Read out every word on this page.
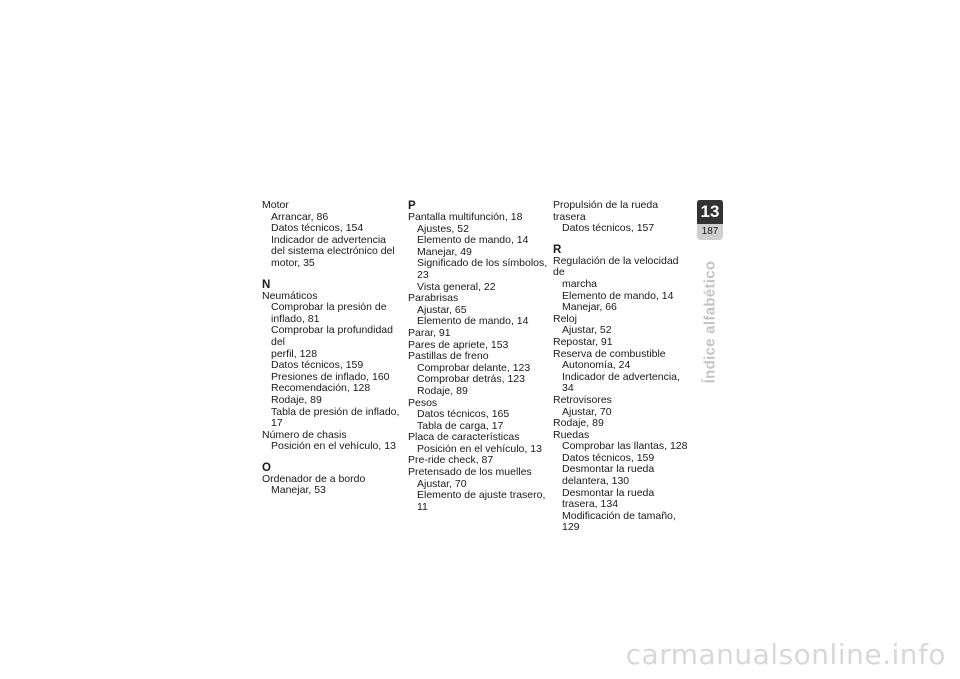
Motor
Arrancar, 86
Datos técnicos, 154
Indicador de advertencia
del sistema electrónico del
motor, 35
N
Neumáticos
Comprobar la presión de
inflado, 81
Comprobar la profundidad del
perfil, 128
Datos técnicos, 159
Presiones de inflado, 160
Recomendación, 128
Rodaje, 89
Tabla de presión de inflado, 17
Número de chasis
Posición en el vehículo, 13
O
Ordenador de a bordo
Manejar, 53
P
Pantalla multifunción, 18
Ajustes, 52
Elemento de mando, 14
Manejar, 49
Significado de los símbolos, 23
Vista general, 22
Parabrisas
Ajustar, 65
Elemento de mando, 14
Parar, 91
Pares de apriete, 153
Pastillas de freno
Comprobar delante, 123
Comprobar detrás, 123
Rodaje, 89
Pesos
Datos técnicos, 165
Tabla de carga, 17
Placa de características
Posición en el vehículo, 13
Pre-ride check, 87
Pretensado de los muelles
Ajustar, 70
Elemento de ajuste trasero, 11
Propulsión de la rueda trasera
Datos técnicos, 157
R
Regulación de la velocidad de
marcha
Elemento de mando, 14
Manejar, 66
Reloj
Ajustar, 52
Repostar, 91
Reserva de combustible
Autonomía, 24
Indicador de advertencia, 34
Retrovisores
Ajustar, 70
Rodaje, 89
Ruedas
Comprobar las llantas, 128
Datos técnicos, 159
Desmontar la rueda
delantera, 130
Desmontar la rueda
trasera, 134
Modificación de tamaño, 129
13
187
Índice alfabético
carmanualsonline.info
